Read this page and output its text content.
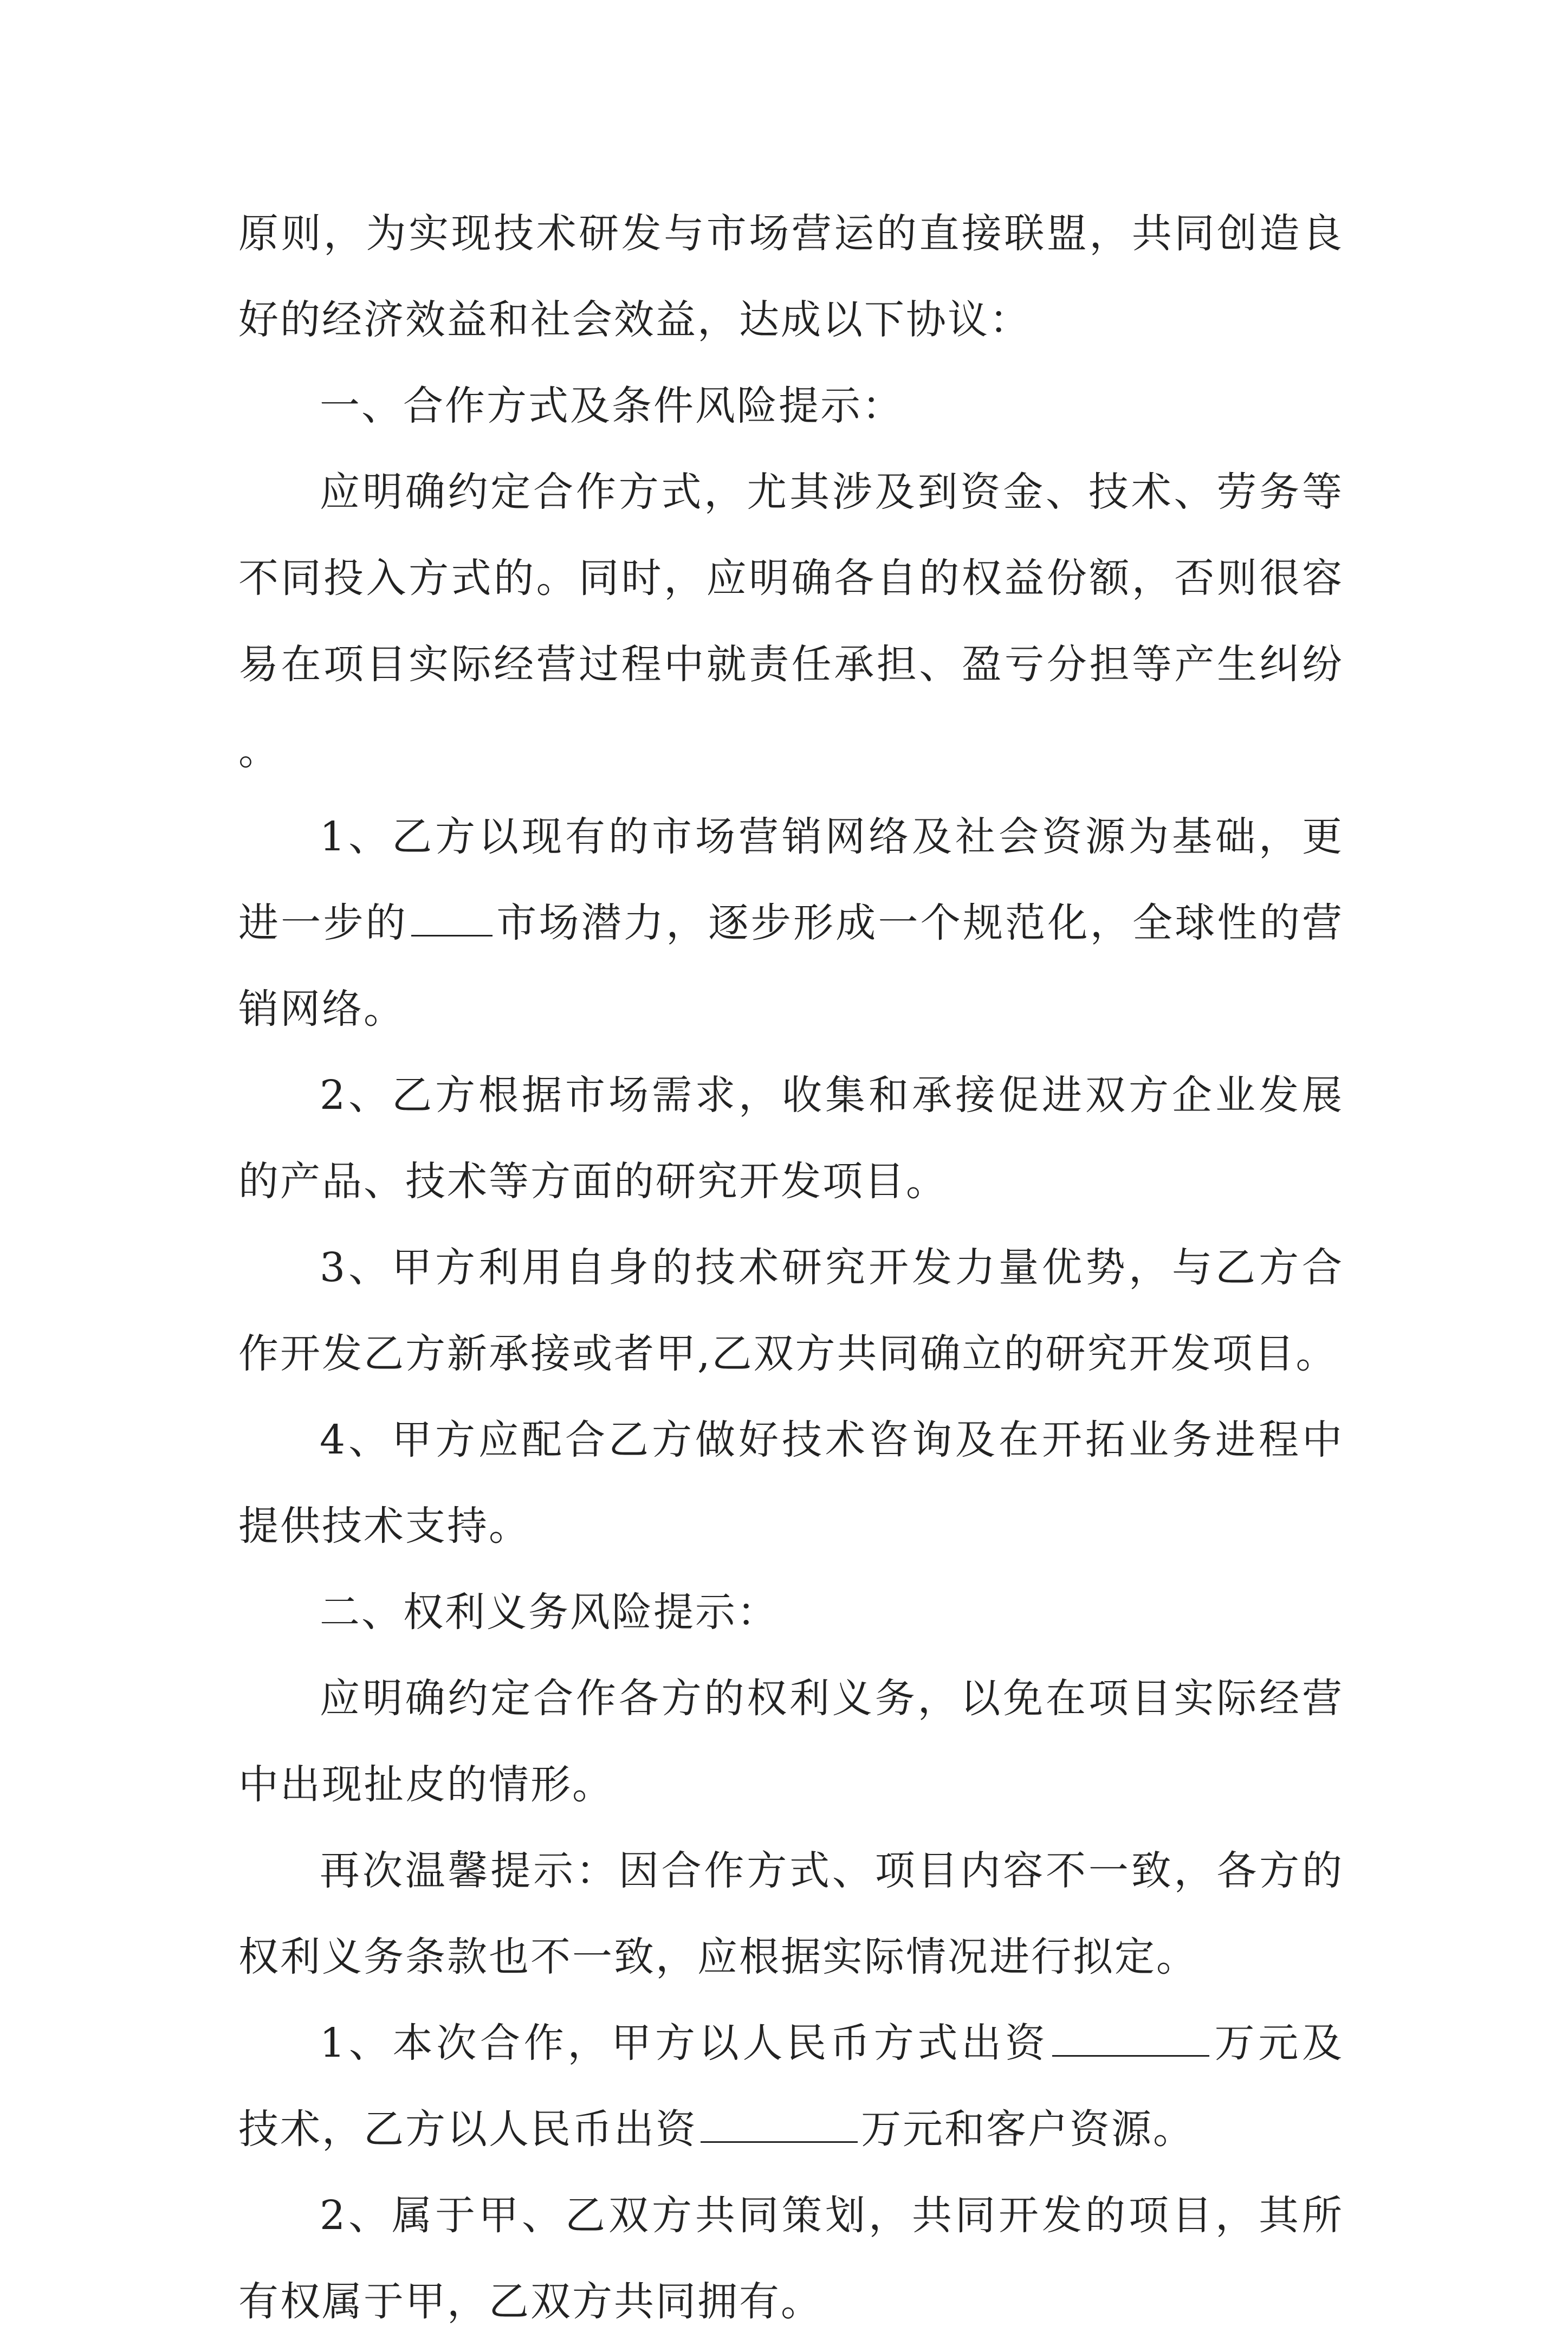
原则，为实现技术研发与市场营运的直接联盟，共同创造良好的经济效益和社会效益，达成以下协议：

一、合作方式及条件风险提示：

应明确约定合作方式，尤其涉及到资金、技术、劳务等不同投入方式的。同时，应明确各自的权益份额，否则很容易在项目实际经营过程中就责任承担、盈亏分担等产生纠纷。

1、乙方以现有的市场营销网络及社会资源为基础，更进一步的 市场潜力，逐步形成一个规范化，全球性的营销网络。

2、乙方根据市场需求，收集和承接促进双方企业发展的产品、技术等方面的研究开发项目。

3、甲方利用自身的技术研究开发力量优势，与乙方合作开发乙方新承接或者甲,乙双方共同确立的研究开发项目。

4、甲方应配合乙方做好技术咨询及在开拓业务进程中提供技术支持。

二、权利义务风险提示：

应明确约定合作各方的权利义务，以免在项目实际经营中出现扯皮的情形。

再次温馨提示：因合作方式、项目内容不一致，各方的权利义务条款也不一致，应根据实际情况进行拟定。

1、本次合作，甲方以人民币方式出资	万元及技术，乙方以人民币出资	万元和客户资源。

2、属于甲、乙双方共同策划，共同开发的项目，其所有权属于甲，乙双方共同拥有。
